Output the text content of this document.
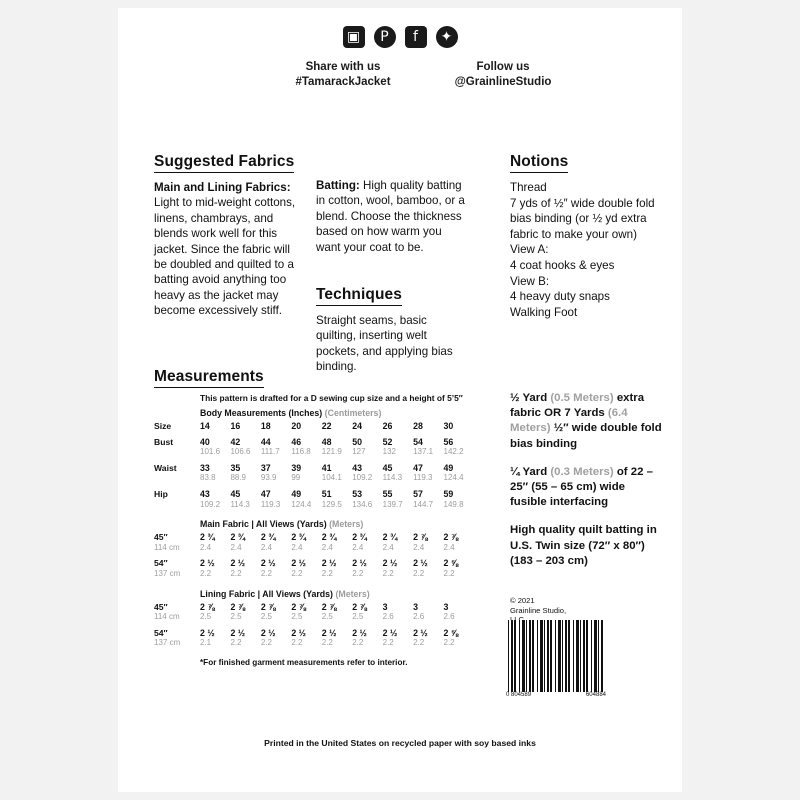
▣	P	f	✦
Share with us
#TamarackJacket
Follow us
@GrainlineStudio
Suggested Fabrics
Main and Lining Fabrics: Light to mid-weight cottons, linens, chambrays, and blends work well for this jacket. Since the fabric will be doubled and quilted to a batting avoid anything too heavy as the jacket may become excessively stiff.
Batting: High quality batting in cotton, wool, bamboo, or a blend. Choose the thickness based on how warm you want your coat to be.
Techniques
Straight seams, basic quilting, inserting welt pockets, and applying bias binding.
Notions
Thread
7 yds of ½″ wide double fold bias binding (or ½ yd extra fabric to make your own)
View A:
4 coat hooks & eyes
View B:
4 heavy duty snaps
Walking Foot
Measurements
This pattern is drafted for a D sewing cup size and a height of 5’5″
Body Measurements (Inches) (Centimeters)
Size	14	16	18	20	22	24	26	28	30
Bust	40	42	44	46	48	50	52	54	56
	101.6	106.6	111.7	116.8	121.9	127	132	137.1	142.2
Waist	33	35	37	39	41	43	45	47	49
	83.8	88.9	93.9	99	104.1	109.2	114.3	119.3	124.4
Hip	43	45	47	49	51	53	55	57	59
	109.2	114.3	119.3	124.4	129.5	134.6	139.7	144.7	149.8
Main Fabric | All Views (Yards) (Meters)
45″	2 ¾	2 ¾	2 ¾	2 ¾	2 ¾	2 ¾	2 ¾	2 ⅞	2 ⅞
114 cm	2.4	2.4	2.4	2.4	2.4	2.4	2.4	2.4	2.4
54″	2 ½	2 ½	2 ½	2 ½	2 ½	2 ½	2 ½	2 ½	2 ⅝
137 cm	2.2	2.2	2.2	2.2	2.2	2.2	2.2	2.2	2.2
Lining Fabric | All Views (Yards) (Meters)
45″	2 ⅞	2 ⅞	2 ⅞	2 ⅞	2 ⅞	2 ⅞	3	3	3
114 cm	2.5	2.5	2.5	2.5	2.5	2.5	2.6	2.6	2.6
54″	2 ½	2 ½	2 ½	2 ½	2 ½	2 ½	2 ½	2 ½	2 ⅝
137 cm	2.1	2.2	2.2	2.2	2.2	2.2	2.2	2.2	2.2
*For finished garment measurements refer to interior.

½ Yard (0.5 Meters) extra fabric OR 7 Yards (6.4 Meters) ½″ wide double fold bias binding

¼ Yard (0.3 Meters) of 22 – 25″ (55 – 65 cm) wide fusible interfacing

High quality quilt batting in U.S. Twin size (72″ x 80″) (183 – 203 cm)

© 2021
Grainline Studio,
0 804589	604884
Printed in the United States on recycled paper with soy based inks
